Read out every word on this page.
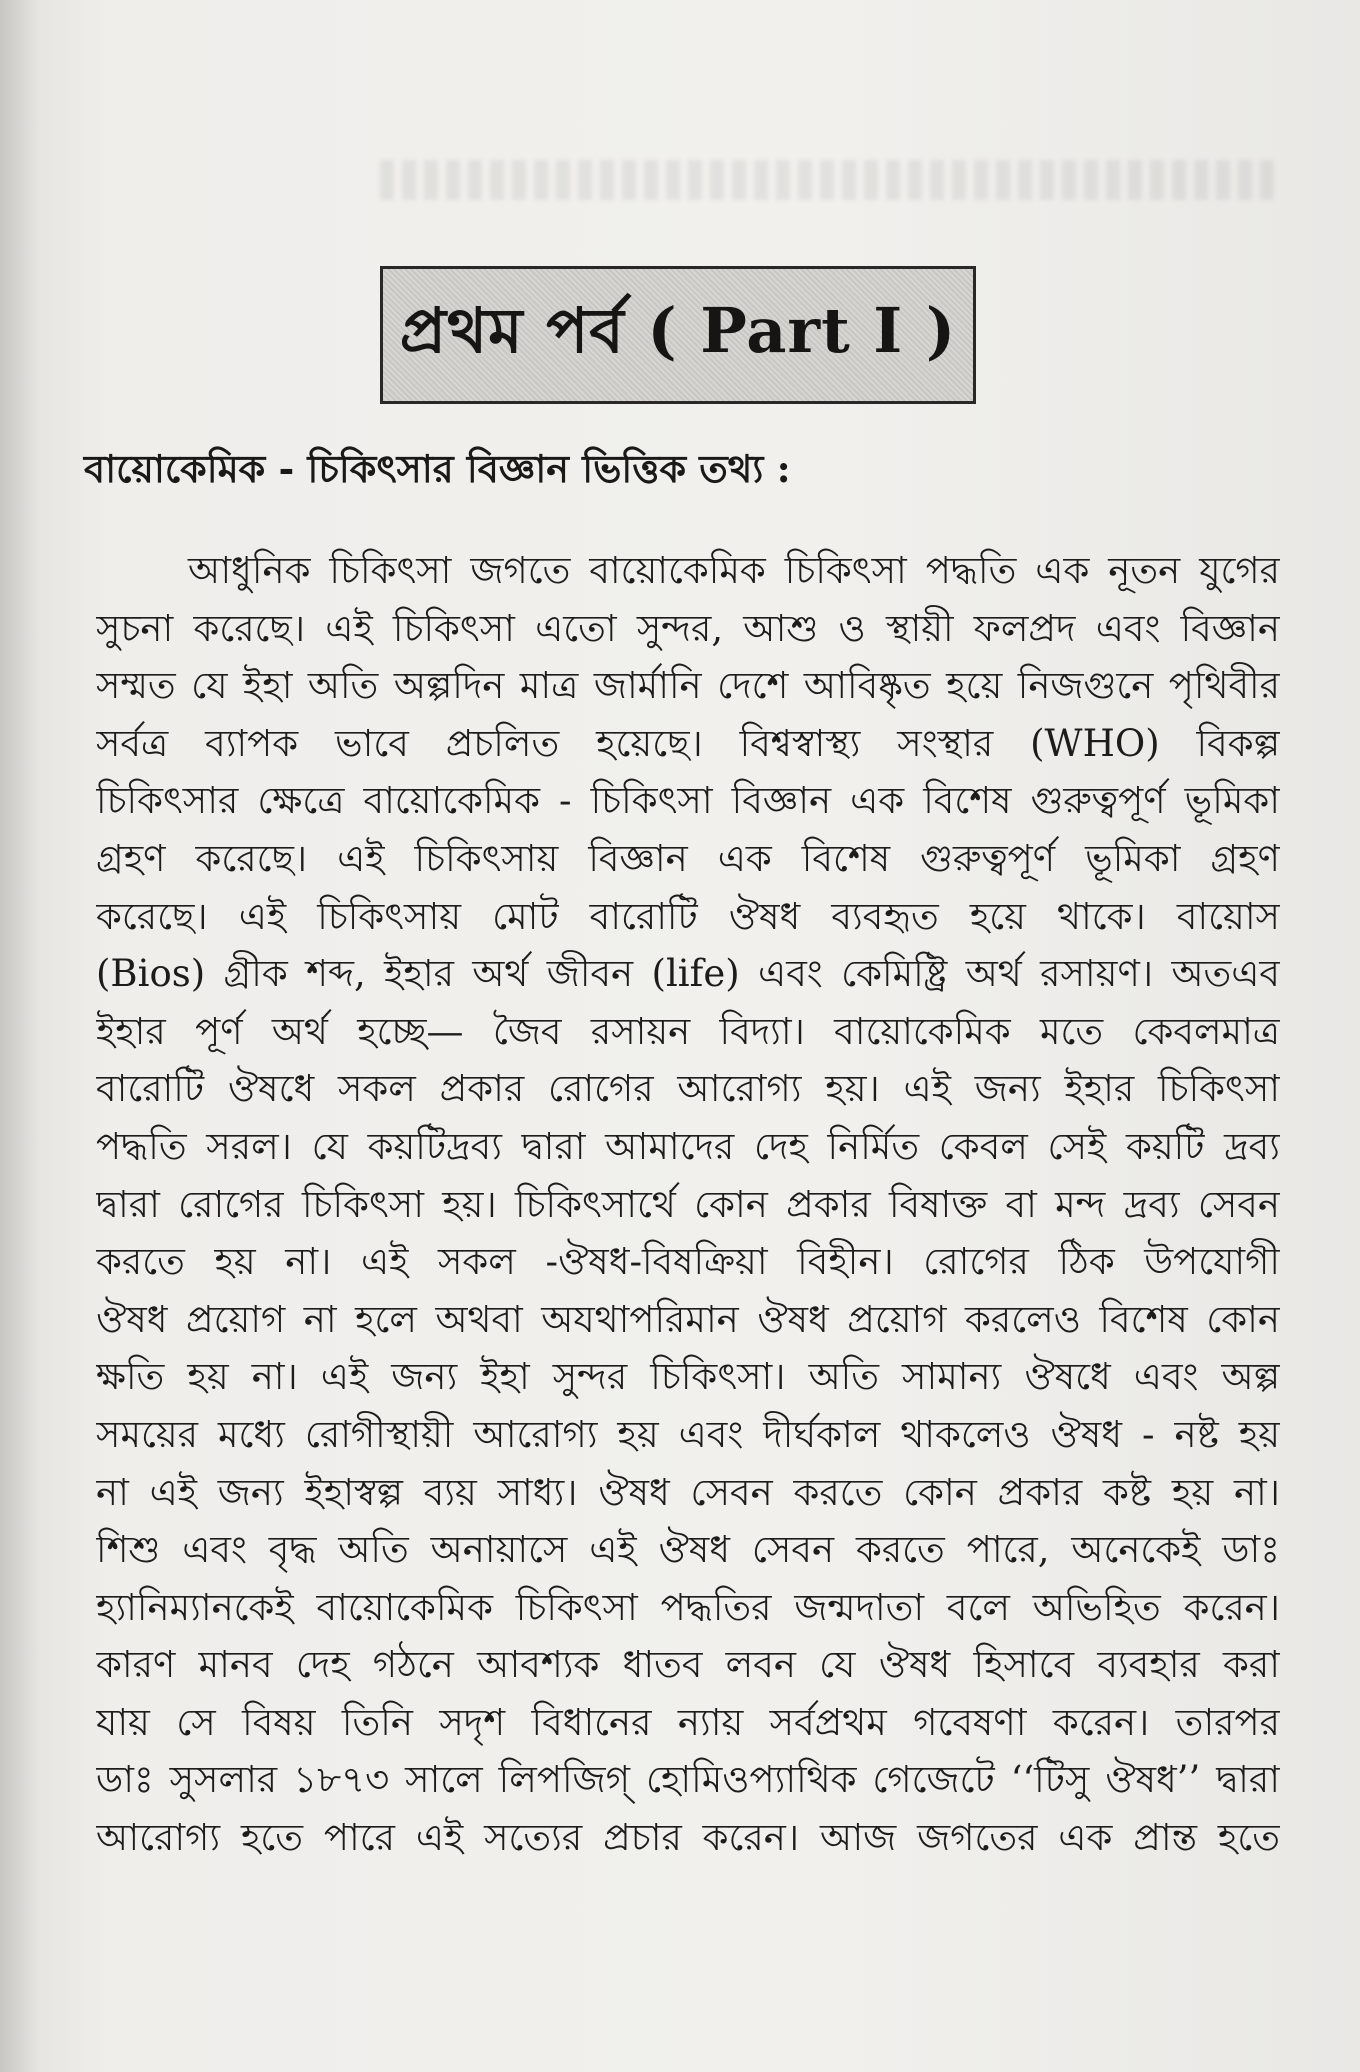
প্রথম পর্ব ( Part I )
বায়োকেমিক - চিকিৎসার বিজ্ঞান ভিত্তিক তথ্য :
আধুনিক চিকিৎসা জগতে বায়োকেমিক চিকিৎসা পদ্ধতি এক নূতন যুগের
সুচনা করেছে। এই চিকিৎসা এতো সুন্দর, আশু ও স্থায়ী ফলপ্রদ এবং বিজ্ঞান
সম্মত যে ইহা অতি অল্পদিন মাত্র জার্মানি দেশে আবিষ্কৃত হয়ে নিজগুনে পৃথিবীর
সর্বত্র ব্যাপক ভাবে প্রচলিত হয়েছে। বিশ্বস্বাস্থ্য সংস্থার (WHO) বিকল্প
চিকিৎসার ক্ষেত্রে বায়োকেমিক - চিকিৎসা বিজ্ঞান এক বিশেষ গুরুত্বপূর্ণ ভূমিকা
গ্রহণ করেছে। এই চিকিৎসায় বিজ্ঞান এক বিশেষ গুরুত্বপূর্ণ ভূমিকা গ্রহণ
করেছে। এই চিকিৎসায় মোট বারোটি ঔষধ ব্যবহৃত হয়ে থাকে। বায়োস
(Bios) গ্রীক শব্দ, ইহার অর্থ জীবন (life) এবং কেমিষ্ট্রি অর্থ রসায়ণ। অতএব
ইহার পূর্ণ অর্থ হচ্ছে— জৈব রসায়ন বিদ্যা। বায়োকেমিক মতে কেবলমাত্র
বারোটি ঔষধে সকল প্রকার রোগের আরোগ্য হয়। এই জন্য ইহার চিকিৎসা
পদ্ধতি সরল। যে কয়টিদ্রব্য দ্বারা আমাদের দেহ নির্মিত কেবল সেই কয়টি দ্রব্য
দ্বারা রোগের চিকিৎসা হয়। চিকিৎসার্থে কোন প্রকার বিষাক্ত বা মন্দ দ্রব্য সেবন
করতে হয় না। এই সকল -ঔষধ-বিষক্রিয়া বিহীন। রোগের ঠিক উপযোগী
ঔষধ প্রয়োগ না হলে অথবা অযথাপরিমান ঔষধ প্রয়োগ করলেও বিশেষ কোন
ক্ষতি হয় না। এই জন্য ইহা সুন্দর চিকিৎসা। অতি সামান্য ঔষধে এবং অল্প
সময়ের মধ্যে রোগীস্থায়ী আরোগ্য হয় এবং দীর্ঘকাল থাকলেও ঔষধ - নষ্ট হয়
না এই জন্য ইহাস্বল্প ব্যয় সাধ্য। ঔষধ সেবন করতে কোন প্রকার কষ্ট হয় না।
শিশু এবং বৃদ্ধ অতি অনায়াসে এই ঔষধ সেবন করতে পারে, অনেকেই ডাঃ
হ্যানিম্যানকেই বায়োকেমিক চিকিৎসা পদ্ধতির জন্মদাতা বলে অভিহিত করেন।
কারণ মানব দেহ গঠনে আবশ্যক ধাতব লবন যে ঔষধ হিসাবে ব্যবহার করা
যায় সে বিষয় তিনি সদৃশ বিধানের ন্যায় সর্বপ্রথম গবেষণা করেন। তারপর
ডাঃ সুসলার ১৮৭৩ সালে লিপজিগ্ হোমিওপ্যাথিক গেজেটে ‘‘টিসু ঔষধ’’ দ্বারা
আরোগ্য হতে পারে এই সত্যের প্রচার করেন। আজ জগতের এক প্রান্ত হতে
